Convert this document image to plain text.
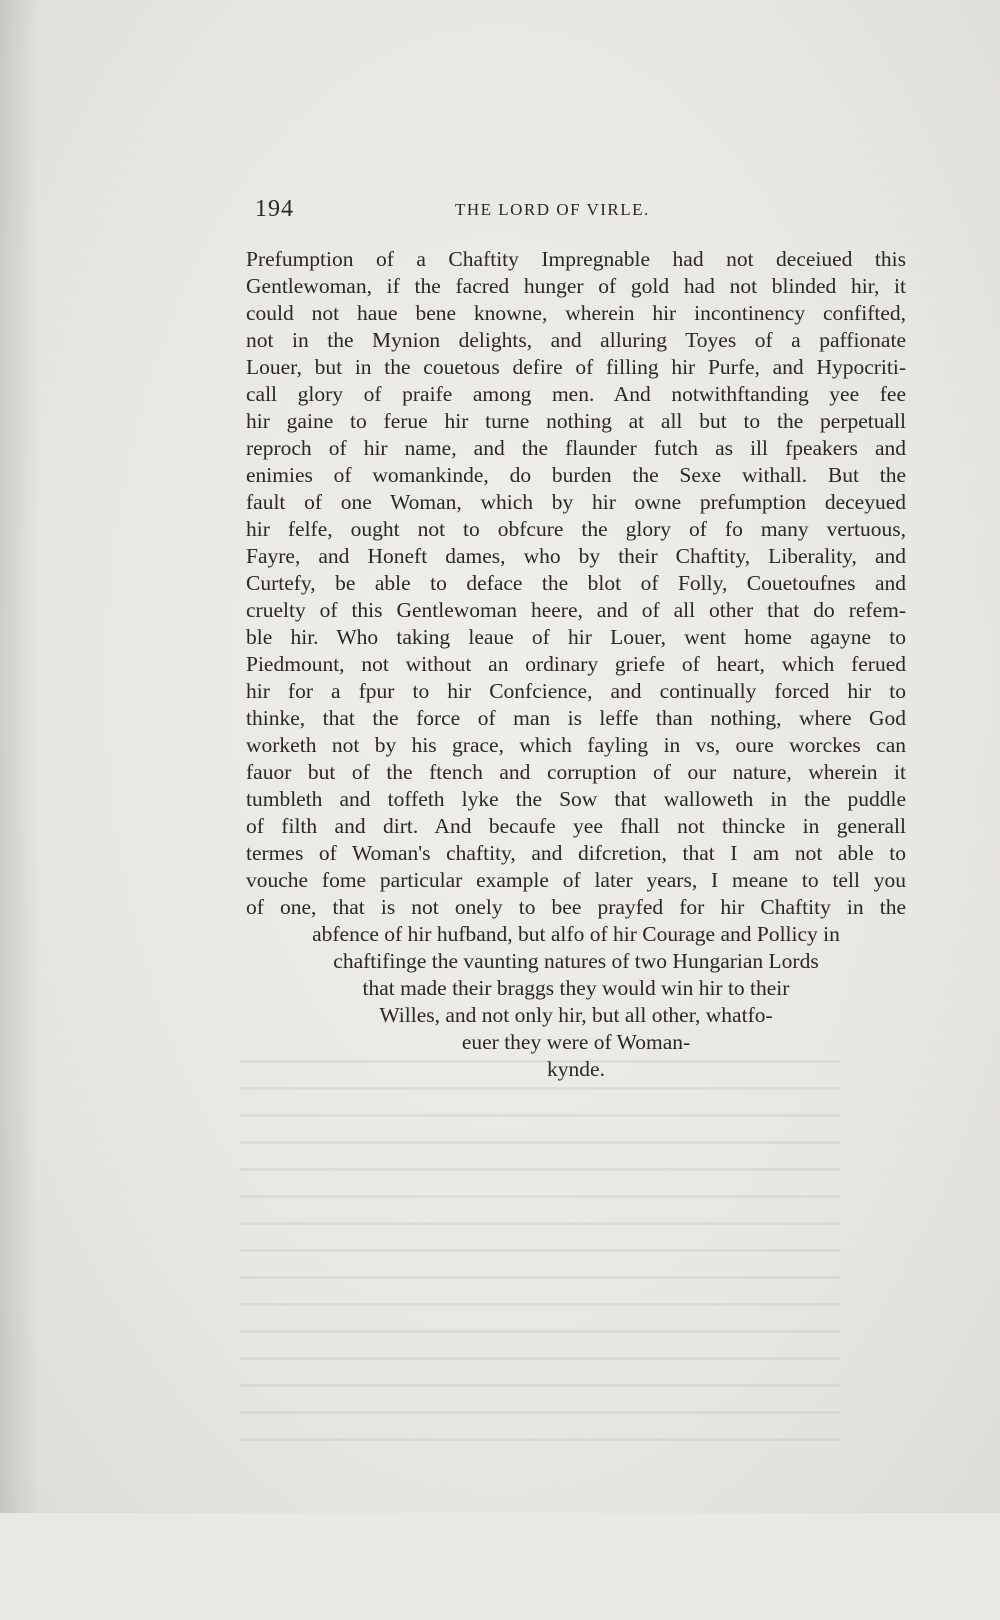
194	THE LORD OF VIRLE.
Prefumption of a Chaftity Impregnable had not deceiued this
Gentlewoman, if the facred hunger of gold had not blinded hir, it
could not haue bene knowne, wherein hir incontinency confifted,
not in the Mynion delights, and alluring Toyes of a paffionate
Louer, but in the couetous defire of filling hir Purfe, and Hypocriti-
call glory of praife among men. And notwithftanding yee fee
hir gaine to ferue hir turne nothing at all but to the perpetuall
reproch of hir name, and the flaunder futch as ill fpeakers and
enimies of womankinde, do burden the Sexe withall. But the
fault of one Woman, which by hir owne prefumption deceyued
hir felfe, ought not to obfcure the glory of fo many vertuous,
Fayre, and Honeft dames, who by their Chaftity, Liberality, and
Curtefy, be able to deface the blot of Folly, Couetoufnes and
cruelty of this Gentlewoman heere, and of all other that do refem-
ble hir. Who taking leaue of hir Louer, went home agayne to
Piedmount, not without an ordinary griefe of heart, which ferued
hir for a fpur to hir Confcience, and continually forced hir to
thinke, that the force of man is leffe than nothing, where God
worketh not by his grace, which fayling in vs, oure worckes can
fauor but of the ftench and corruption of our nature, wherein it
tumbleth and toffeth lyke the Sow that walloweth in the puddle
of filth and dirt. And becaufe yee fhall not thincke in generall
termes of Woman's chaftity, and difcretion, that I am not able to
vouche fome particular example of later years, I meane to tell you
of one, that is not onely to bee prayfed for hir Chaftity in the
abfence of hir hufband, but alfo of hir Courage and Pollicy in
chaftifinge the vaunting natures of two Hungarian Lords
that made their braggs they would win hir to their
Willes, and not only hir, but all other, whatfo-
euer they were of Woman-
kynde.
